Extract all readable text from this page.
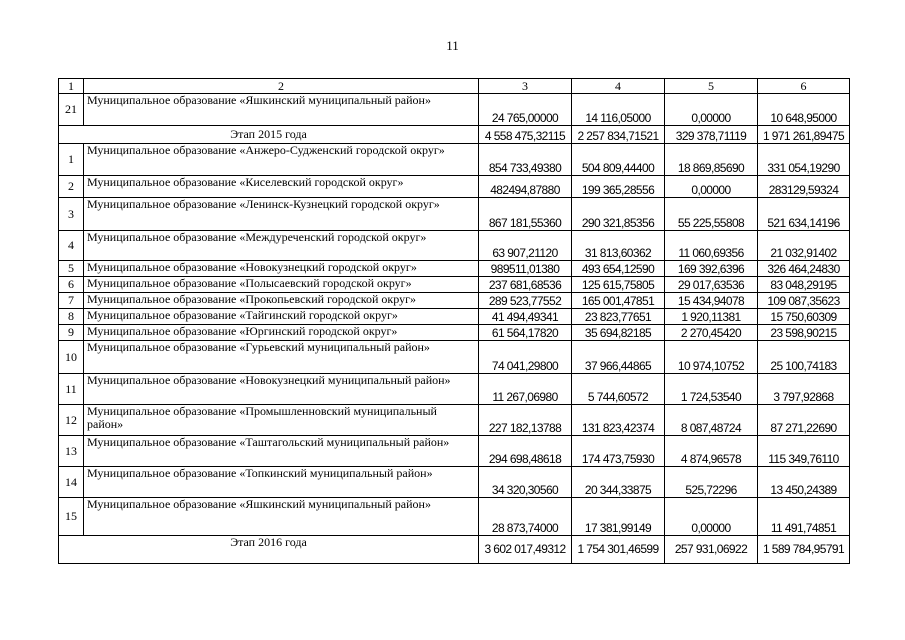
11
1	2	3	4	5	6
21	Муниципальное образование «Яшкинский муниципальный район»	24 765,00000	14 116,05000	0,00000	10 648,95000
Этап 2015 года		4 558 475,32115	2 257 834,71521	329 378,71119	1 971 261,89475
1	Муниципальное образование «Анжеро-Судженский городской округ»	854 733,49380	504 809,44400	18 869,85690	331 054,19290
2	Муниципальное образование «Киселевский городской округ»	482494,87880	199 365,28556	0,00000	283129,59324
3	Муниципальное образование «Ленинск-Кузнецкий городской округ»	867 181,55360	290 321,85356	55 225,55808	521 634,14196
4	Муниципальное образование «Междуреченский городской округ»	63 907,21120	31 813,60362	11 060,69356	21 032,91402
5	Муниципальное образование «Новокузнецкий городской округ»	989511,01380	493 654,12590	169 392,6396	326 464,24830
6	Муниципальное образование «Полысаевский городской округ»	237 681,68536	125 615,75805	29 017,63536	83 048,29195
7	Муниципальное образование «Прокопьевский городской округ»	289 523,77552	165 001,47851	15 434,94078	109 087,35623
8	Муниципальное образование «Тайгинский городской округ»	41 494,49341	23 823,77651	1 920,11381	15 750,60309
9	Муниципальное образование «Юргинский городской округ»	61 564,17820	35 694,82185	2 270,45420	23 598,90215
10	Муниципальное образование «Гурьевский муниципальный район»	74 041,29800	37 966,44865	10 974,10752	25 100,74183
11	Муниципальное образование «Новокузнецкий муниципальный район»	11 267,06980	5 744,60572	1 724,53540	3 797,92868
12	Муниципальное образование «Промышленновский муниципальный район»	227 182,13788	131 823,42374	8 087,48724	87 271,22690
13	Муниципальное образование «Таштагольский муниципальный район»	294 698,48618	174 473,75930	4 874,96578	115 349,76110
14	Муниципальное образование «Топкинский муниципальный район»	34 320,30560	20 344,33875	525,72296	13 450,24389
15	Муниципальное образование «Яшкинский муниципальный район»	28 873,74000	17 381,99149	0,00000	11 491,74851
Этап 2016 года		3 602 017,49312	1 754 301,46599	257 931,06922	1 589 784,95791
